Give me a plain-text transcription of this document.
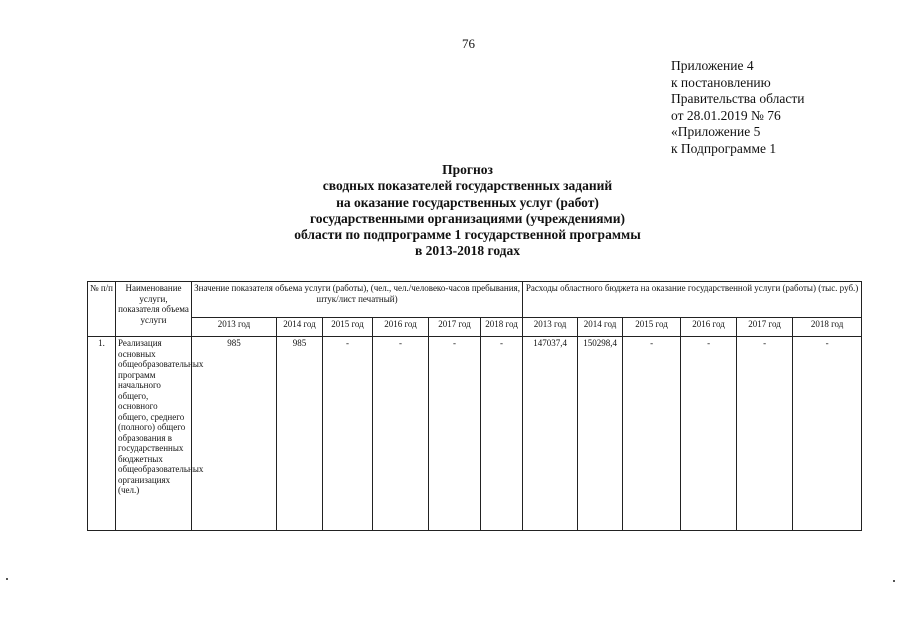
76
Приложение 4
к постановлению
Правительства области
от 28.01.2019 № 76
«Приложение 5
к Подпрограмме 1
Прогноз
сводных показателей государственных заданий
на оказание государственных услуг (работ)
государственными организациями (учреждениями)
области по подпрограмме 1 государственной программы
в 2013-2018 годах
№ п/п	Наименование услуги, показателя объема услуги	Значение показателя объема услуги (работы), (чел., чел./человеко-часов пребывания, штук/лист печатный)						Расходы областного бюджета на оказание государственной услуги (работы) (тыс. руб.)					
		2013 год	2014 год	2015 год	2016 год	2017 год	2018 год	2013 год	2014 год	2015 год	2016 год	2017 год	2018 год
1.	Реализация основных общеобразовательных программ начального общего, основного общего, среднего (полного) общего образования в государственных бюджетных общеобразовательных организациях (чел.)	985	985	-	-	-	-	147037,4	150298,4	-	-	-	-
